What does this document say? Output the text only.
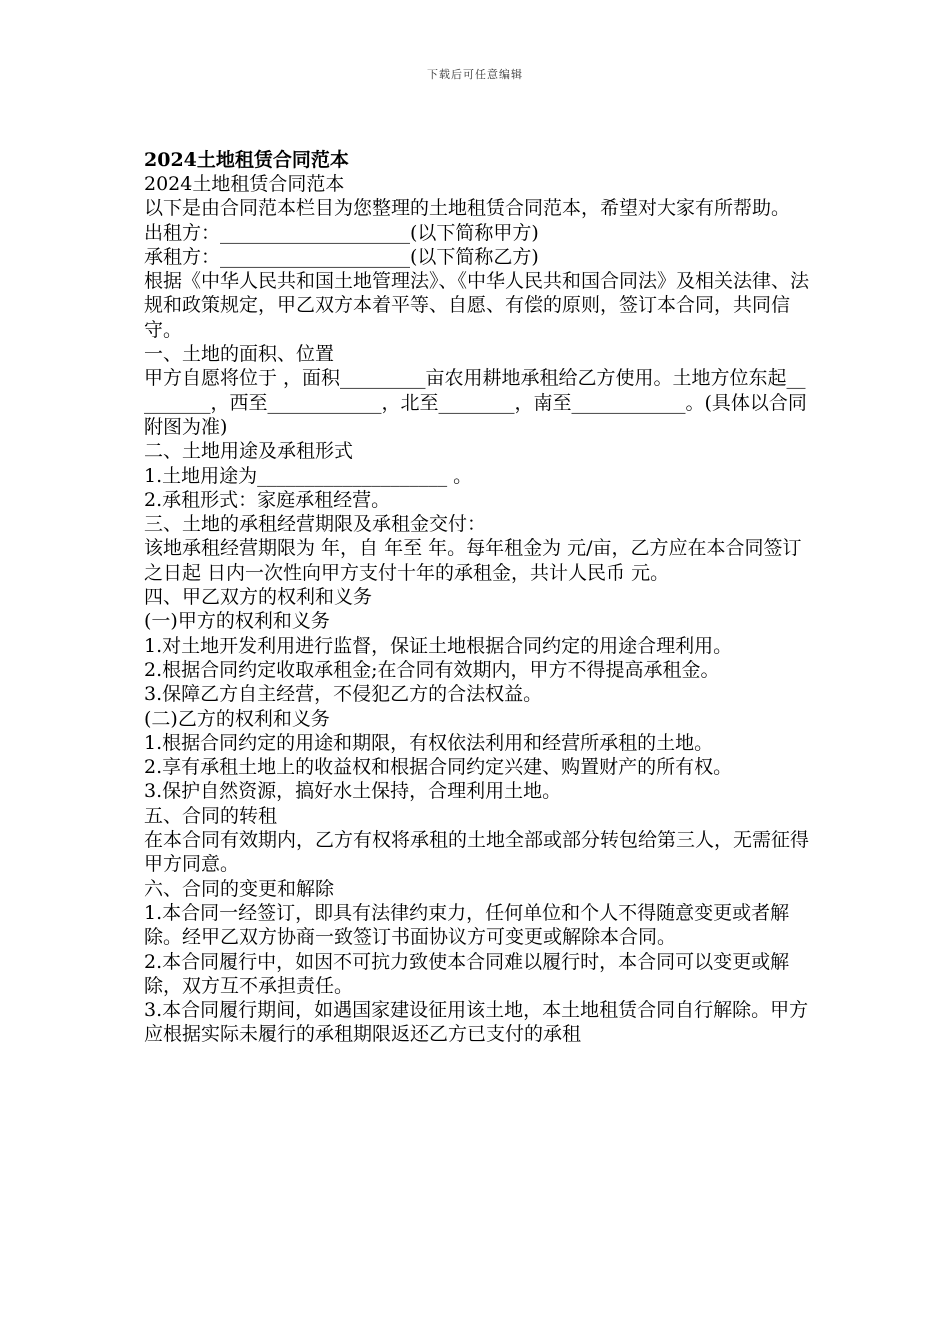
下载后可任意编辑
2024土地租赁合同范本
2024土地租赁合同范本
以下是由合同范本栏目为您整理的土地租赁合同范本，希望对大家有所帮助。
出租方：____________________(以下简称甲方)
承租方：____________________(以下简称乙方)
根据《中华人民共和国土地管理法》、《中华人民共和国合同法》及相关法律、法规和政策规定，甲乙双方本着平等、自愿、有偿的原则，签订本合同，共同信守。
一、土地的面积、位置
甲方自愿将位于 ，面积_________亩农用耕地承租给乙方使用。土地方位东起_________，西至____________，北至________，南至____________。(具体以合同附图为准)
二、土地用途及承租形式
1.土地用途为____________________ 。
2.承租形式：家庭承租经营。
三、土地的承租经营期限及承租金交付：
该地承租经营期限为 年，自 年至 年。每年租金为 元/亩，乙方应在本合同签订之日起 日内一次性向甲方支付十年的承租金，共计人民币 元。
四、甲乙双方的权利和义务
(一)甲方的权利和义务
1.对土地开发利用进行监督，保证土地根据合同约定的用途合理利用。
2.根据合同约定收取承租金;在合同有效期内，甲方不得提高承租金。
3.保障乙方自主经营，不侵犯乙方的合法权益。
(二)乙方的权利和义务
1.根据合同约定的用途和期限，有权依法利用和经营所承租的土地。
2.享有承租土地上的收益权和根据合同约定兴建、购置财产的所有权。
3.保护自然资源，搞好水土保持，合理利用土地。
五、合同的转租
在本合同有效期内，乙方有权将承租的土地全部或部分转包给第三人，无需征得甲方同意。
六、合同的变更和解除
1.本合同一经签订，即具有法律约束力，任何单位和个人不得随意变更或者解除。经甲乙双方协商一致签订书面协议方可变更或解除本合同。
2.本合同履行中，如因不可抗力致使本合同难以履行时，本合同可以变更或解除，双方互不承担责任。
3.本合同履行期间，如遇国家建设征用该土地，本土地租赁合同自行解除。甲方应根据实际未履行的承租期限返还乙方已支付的承租
